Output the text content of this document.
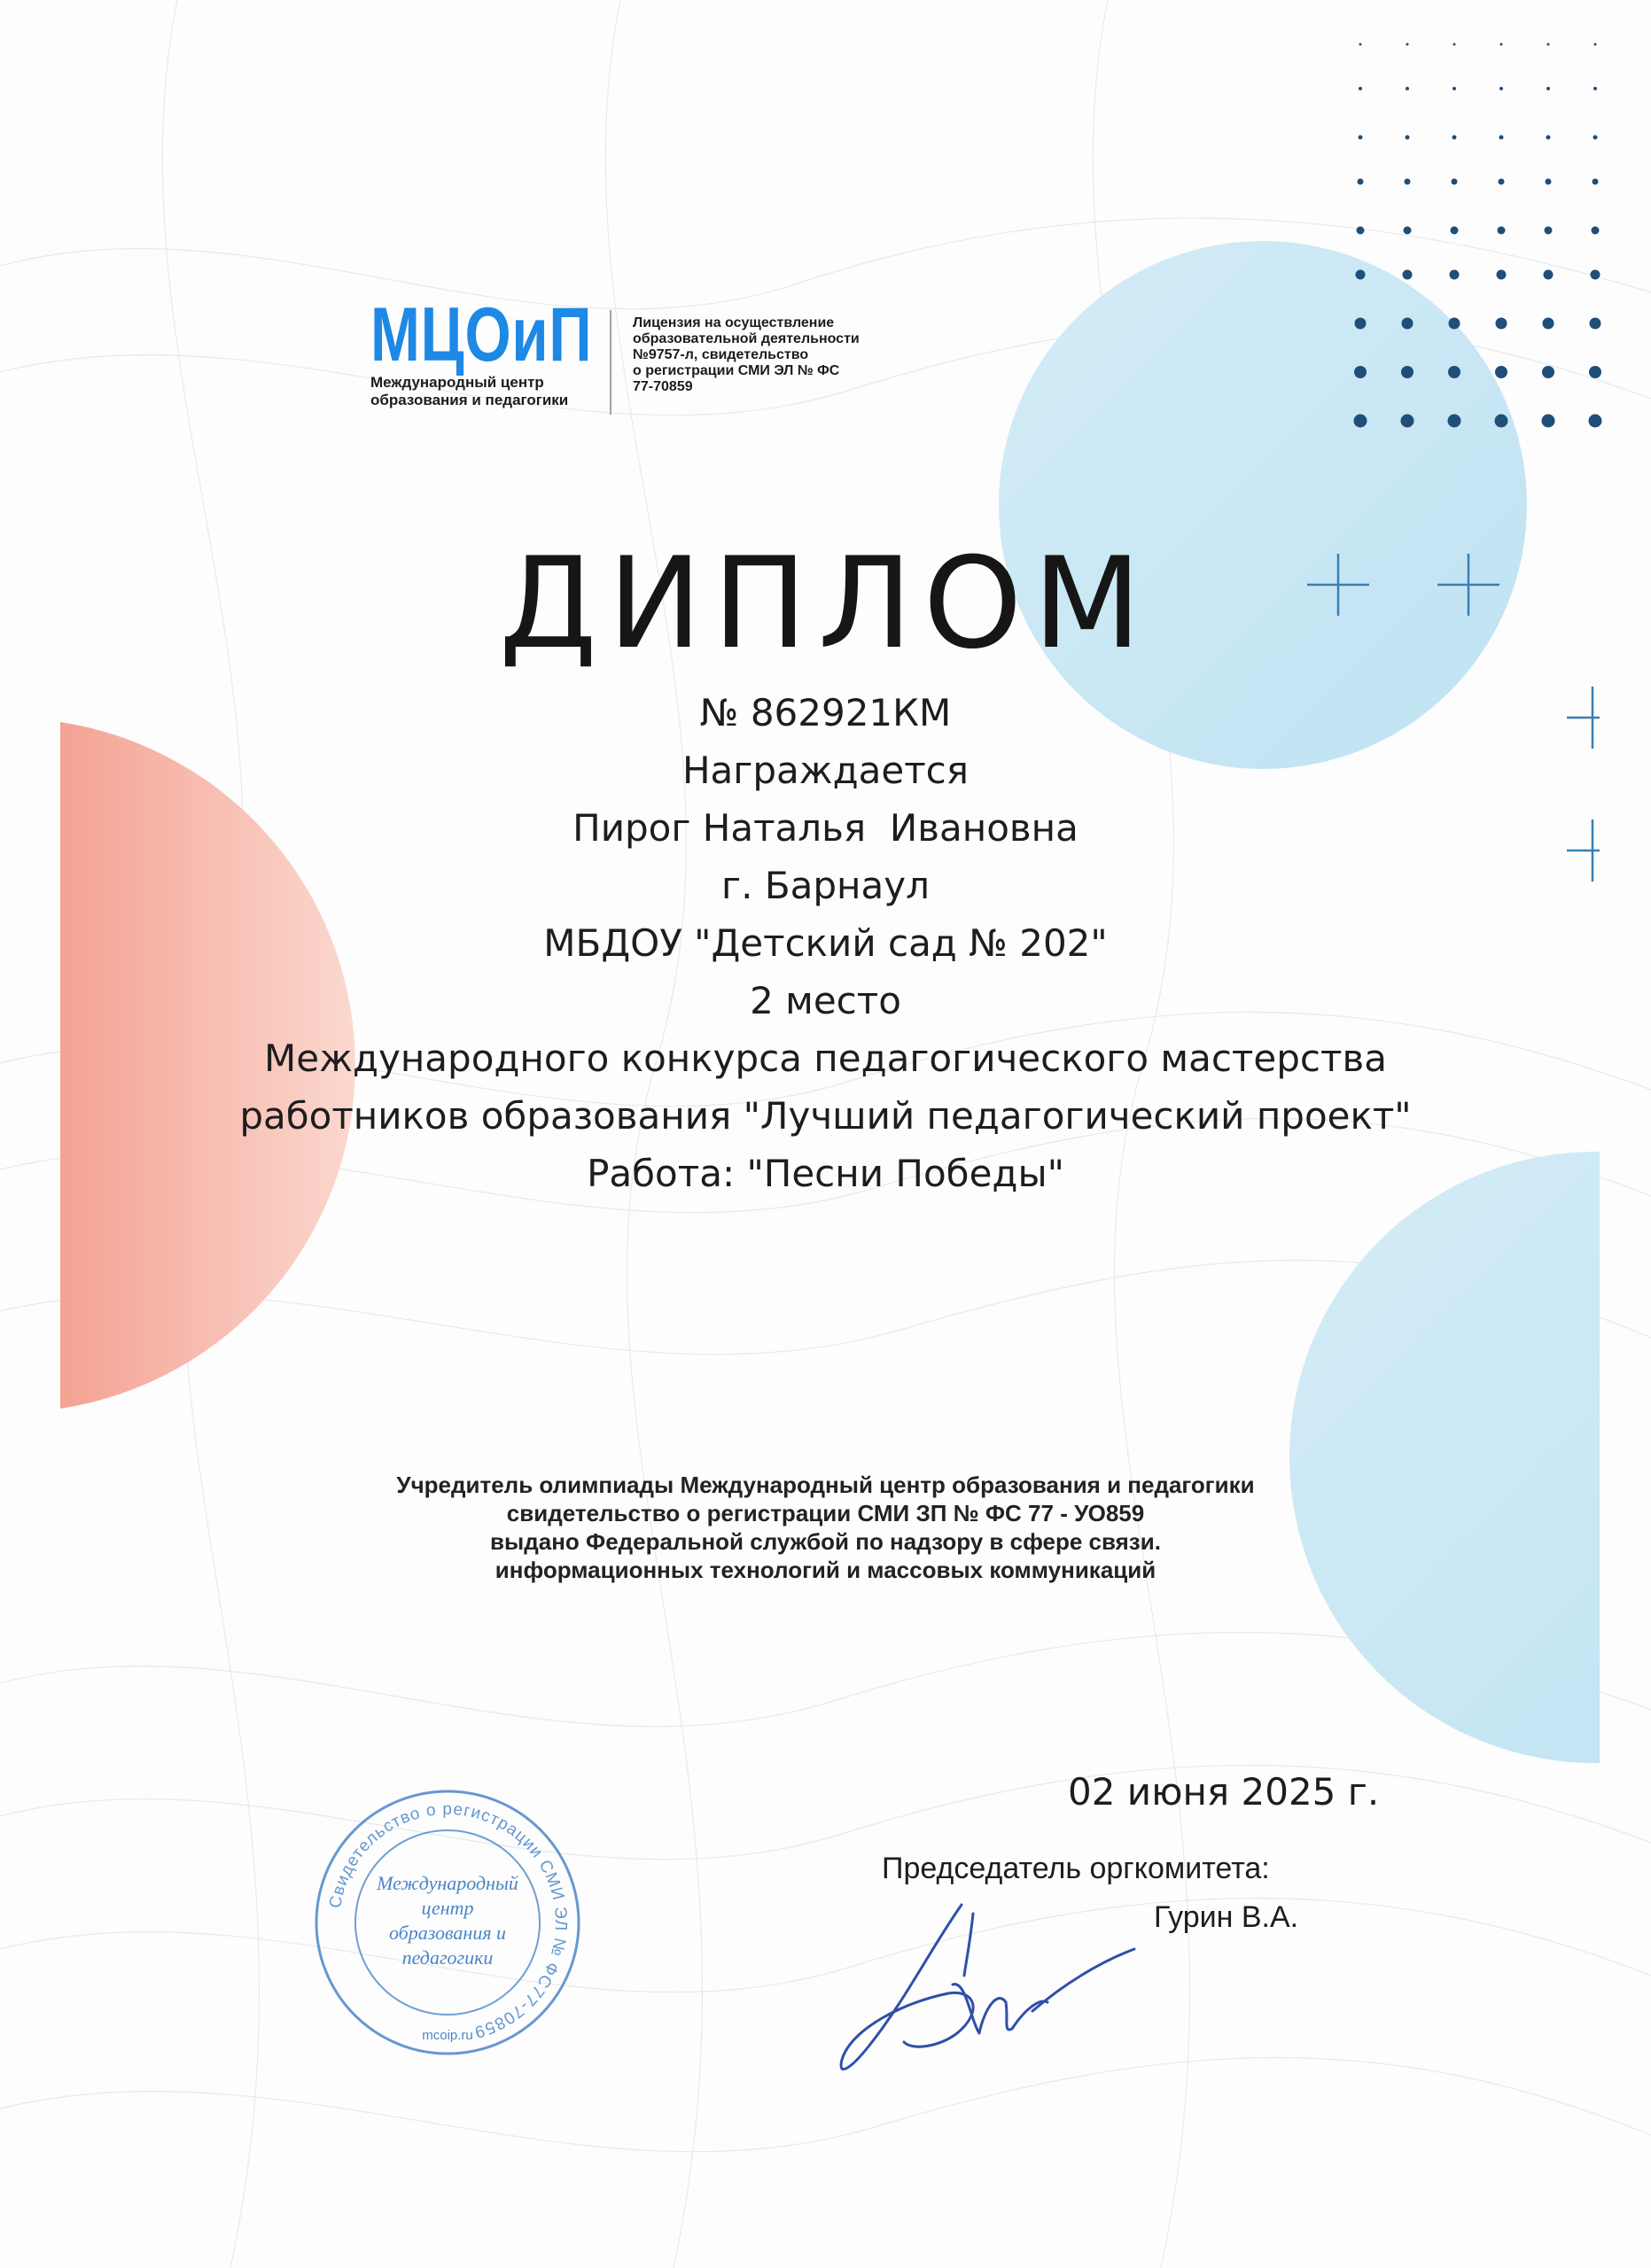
МЦОиП
Международный центр
образования и педагогики
Лицензия на осуществление
образовательной деятельности
№9757-л, свидетельство
о регистрации СМИ ЭЛ № ФС
77-70859
ДИПЛОМ
№ 862921КМ
Награждается
Пирог Наталья  Ивановна
г. Барнаул
МБДОУ "Детский сад № 202"
2 место
Международного конкурса педагогического мастерства
работников образования "Лучший педагогический проект"
Работа: "Песни Победы"
Учредитель олимпиады Международный центр образования и педагогики
свидетельство о регистрации СМИ ЗП № ФС 77 - УО859
выдано Федеральной службой по надзору в сфере связи.
информационных технологий и массовых коммуникаций
02 июня 2025 г.
Председатель оргкомитета:
Гурин В.А.
Свидетельство о регистрации СМИ ЭЛ № ФС77-70859
Международный
центр
образования и
педагогики
mcoip.ru
